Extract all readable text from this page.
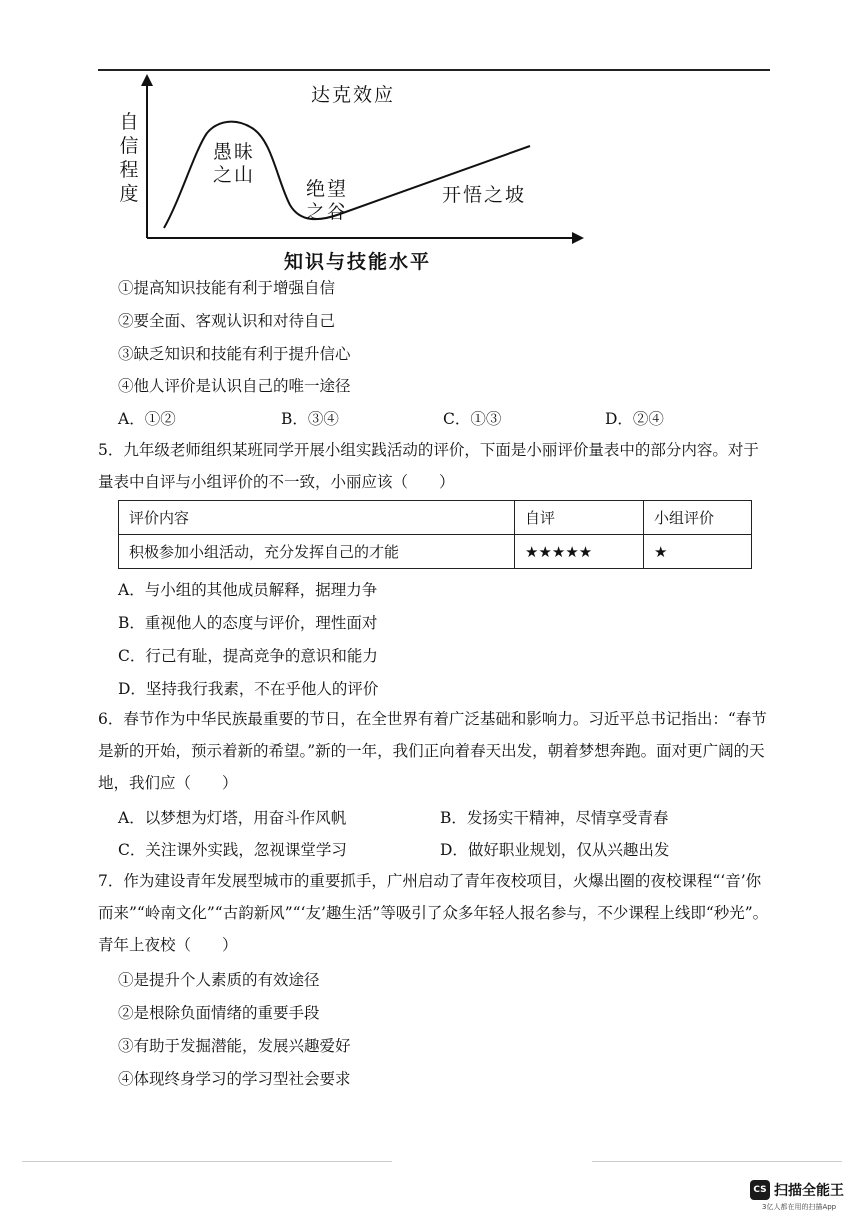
达克效应
自信程度
愚昧
之山
绝望
之谷
开悟之坡
知识与技能水平
①提高知识技能有利于增强自信
②要全面、客观认识和对待自己
③缺乏知识和技能有利于提升信心
④他人评价是认识自己的唯一途径
A．①②	B．③④	C．①③	D．②④
5．九年级老师组织某班同学开展小组实践活动的评价，下面是小丽评价量表中的部分内容。对于量表中自评与小组评价的不一致，小丽应该（　　）
评价内容	自评	小组评价
积极参加小组活动，充分发挥自己的才能	★★★★★	★
A．与小组的其他成员解释，据理力争
B．重视他人的态度与评价，理性面对
C．行己有耻，提高竞争的意识和能力
D．坚持我行我素，不在乎他人的评价
6．春节作为中华民族最重要的节日，在全世界有着广泛基础和影响力。习近平总书记指出：“春节是新的开始，预示着新的希望。”新的一年，我们正向着春天出发，朝着梦想奔跑。面对更广阔的天地，我们应（　　）
A．以梦想为灯塔，用奋斗作风帆	B．发扬实干精神，尽情享受青春
C．关注课外实践，忽视课堂学习	D．做好职业规划，仅从兴趣出发
7．作为建设青年发展型城市的重要抓手，广州启动了青年夜校项目，火爆出圈的夜校课程“‘音’你而来”“岭南文化”“古韵新风”“‘友’趣生活”等吸引了众多年轻人报名参与，不少课程上线即“秒光”。青年上夜校（　　）
①是提升个人素质的有效途径
②是根除负面情绪的重要手段
③有助于发掘潜能，发展兴趣爱好
④体现终身学习的学习型社会要求
CS 扫描全能王
3亿人都在用的扫描App
